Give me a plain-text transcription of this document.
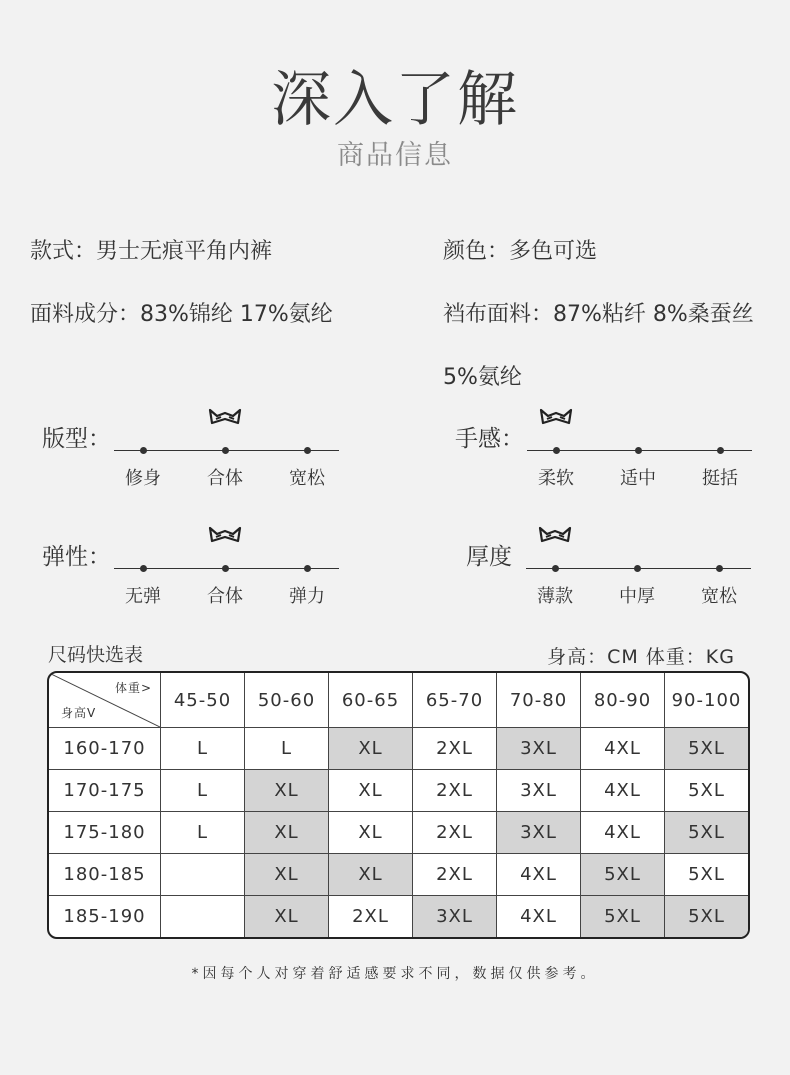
深入了解
商品信息
款式：男士无痕平角内裤	颜色：多色可选
面料成分：83%锦纶 17%氨纶	裆布面料：87%粘纤 8%桑蚕丝
5%氨纶
版型：
修身	合体	宽松
手感：
柔软	适中	挺括
弹性：
无弹	合体	弹力
厚度
薄款	中厚	宽松
尺码快选表	身高：CM 体重：KG
体重>
身高V	45-50	50-60	60-65	65-70	70-80	80-90	90-100
160-170	L	L	XL	2XL	3XL	4XL	5XL
170-175	L	XL	XL	2XL	3XL	4XL	5XL
175-180	L	XL	XL	2XL	3XL	4XL	5XL
180-185		XL	XL	2XL	4XL	5XL	5XL
185-190		XL	2XL	3XL	4XL	5XL	5XL
*因每个人对穿着舒适感要求不同，数据仅供参考。
